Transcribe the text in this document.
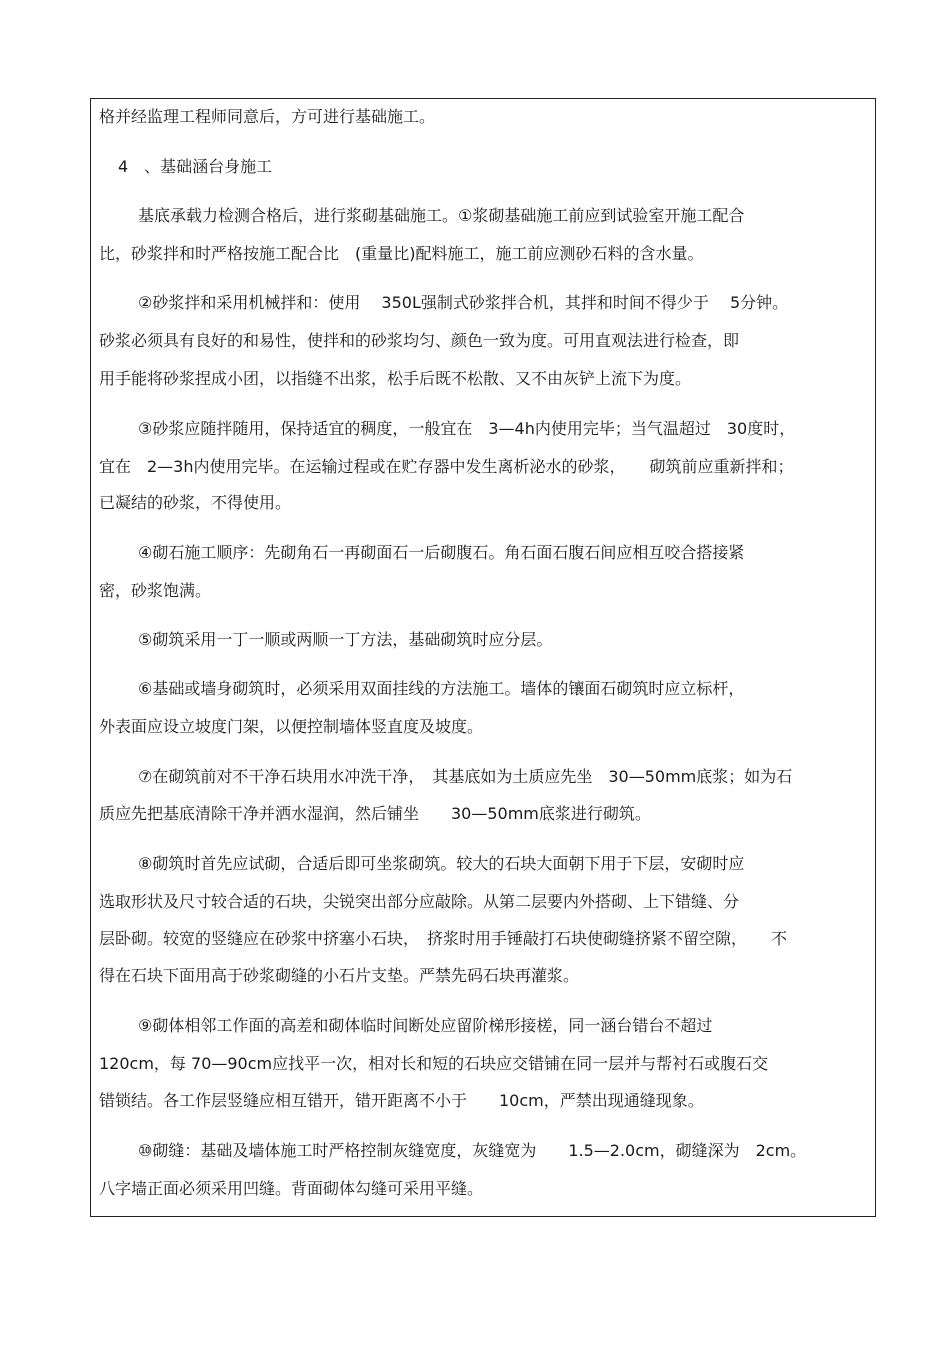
格并经监理工程师同意后，方可进行基础施工。
4　、基础涵台身施工
基底承载力检测合格后，进行浆砌基础施工。①浆砌基础施工前应到试验室开施工配合
比，砂浆拌和时严格按施工配合比　(重量比)配料施工，施工前应测砂石料的含水量。
②砂浆拌和采用机械拌和：使用　 350L强制式砂浆拌合机，其拌和时间不得少于　 5分钟。
砂浆必须具有良好的和易性，使拌和的砂浆均匀、颜色一致为度。可用直观法进行检查，即
用手能将砂浆捏成小团，以指缝不出浆，松手后既不松散、又不由灰铲上流下为度。
③砂浆应随拌随用，保持适宜的稠度，一般宜在　3—4h内使用完毕；当气温超过　30度时，
宜在　2—3h内使用完毕。在运输过程或在贮存器中发生离析泌水的砂浆，　　砌筑前应重新拌和；
已凝结的砂浆，不得使用。
④砌石施工顺序：先砌角石一再砌面石一后砌腹石。角石面石腹石间应相互咬合搭接紧
密，砂浆饱满。
⑤砌筑采用一丁一顺或两顺一丁方法，基础砌筑时应分层。
⑥基础或墙身砌筑时，必须采用双面挂线的方法施工。墙体的镶面石砌筑时应立标杆，
外表面应设立坡度门架，以便控制墙体竖直度及坡度。
⑦在砌筑前对不干净石块用水冲洗干净，　其基底如为土质应先坐　30—50mm底浆；如为石
质应先把基底清除干净并洒水湿润，然后铺坐　　30—50mm底浆进行砌筑。
⑧砌筑时首先应试砌，合适后即可坐浆砌筑。较大的石块大面朝下用于下层，安砌时应
选取形状及尺寸较合适的石块，尖锐突出部分应敲除。从第二层要内外搭砌、上下错缝、分
层卧砌。较宽的竖缝应在砂浆中挤塞小石块，　挤浆时用手锤敲打石块使砌缝挤紧不留空隙，　　不
得在石块下面用高于砂浆砌缝的小石片支垫。严禁先码石块再灌浆。
⑨砌体相邻工作面的高差和砌体临时间断处应留阶梯形接槎，同一涵台错台不超过
120cm，每 70—90cm应找平一次，相对长和短的石块应交错铺在同一层并与帮衬石或腹石交
错锁结。各工作层竖缝应相互错开，错开距离不小于　　10cm，严禁出现通缝现象。
⑩砌缝：基础及墙体施工时严格控制灰缝宽度，灰缝宽为　　1.5—2.0cm，砌缝深为　2cm。
八字墙正面必须采用凹缝。背面砌体勾缝可采用平缝。
